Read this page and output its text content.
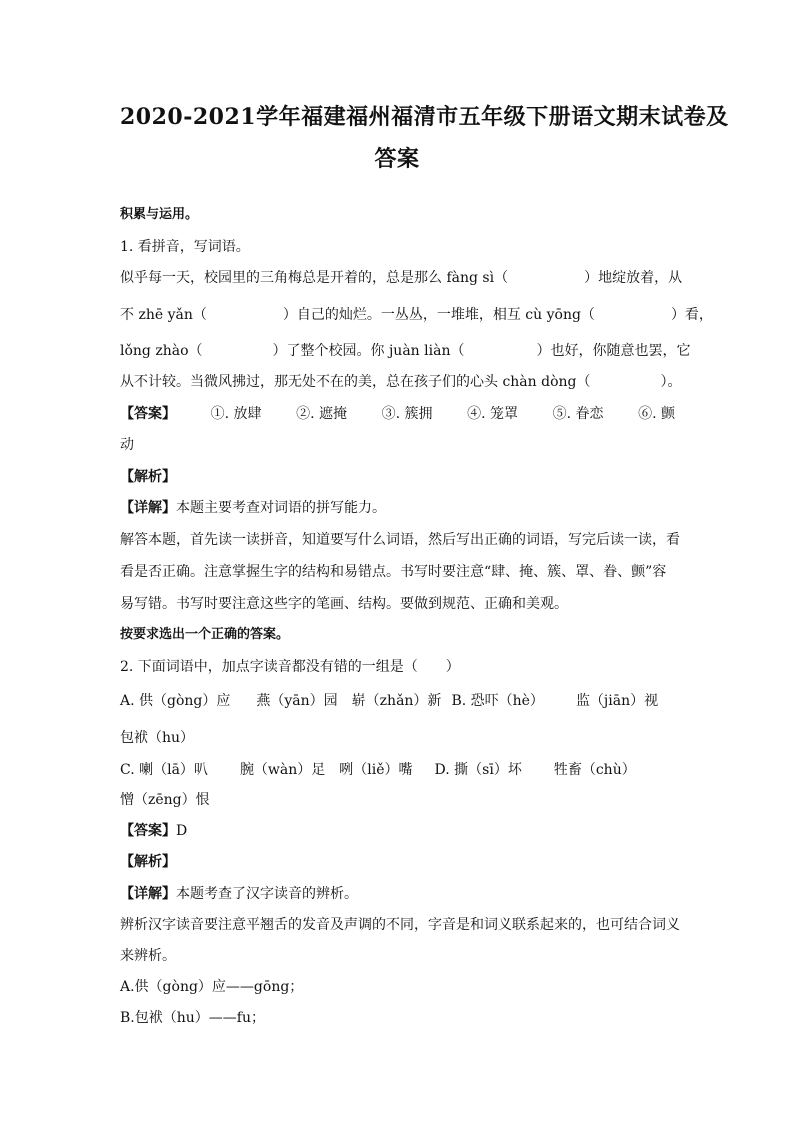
2020-2021学年福建福州福清市五年级下册语文期末试卷及
答案
积累与运用。
1. 看拼音，写词语。
似乎每一天，校园里的三角梅总是开着的，总是那么 fàng sì（	）地绽放着，从
不 zhē yǎn（	）自己的灿烂。一丛丛，一堆堆，相互 cù yōng（	）看，
lǒng zhào（	）了整个校园。你 juàn liàn（	）也好，你随意也罢，它
从不计较。当微风拂过，那无处不在的美，总在孩子们的心头 chàn dòng（	）。
【答案】 ①. 放肆 ②. 遮掩 ③. 簇拥 ④. 笼罩 ⑤. 眷恋 ⑥. 颤
动
【解析】
【详解】本题主要考查对词语的拼写能力。
解答本题，首先读一读拼音，知道要写什么词语，然后写出正确的词语，写完后读一读，看
看是否正确。注意掌握生字的结构和易错点。书写时要注意“肆、掩、簇、罩、眷、颤”容
易写错。书写时要注意这些字的笔画、结构。要做到规范、正确和美观。
按要求选出一个正确的答案。
2. 下面词语中，加点字读音都没有错的一组是（　　）
A. 供（gòng）应 燕（yān）园 崭（zhǎn）新 B. 恐吓（hè） 监（jiān）视
包袱（hu）
C. 喇（lā）叭 腕（wàn）足 咧（liě）嘴 D. 撕（sī）坏 牲畜（chù）
憎（zēng）恨
【答案】D
【解析】
【详解】本题考查了汉字读音的辨析。
辨析汉字读音要注意平翘舌的发音及声调的不同，字音是和词义联系起来的，也可结合词义
来辨析。
A.供（gòng）应——gōng；
B.包袱（hu）——fu；
